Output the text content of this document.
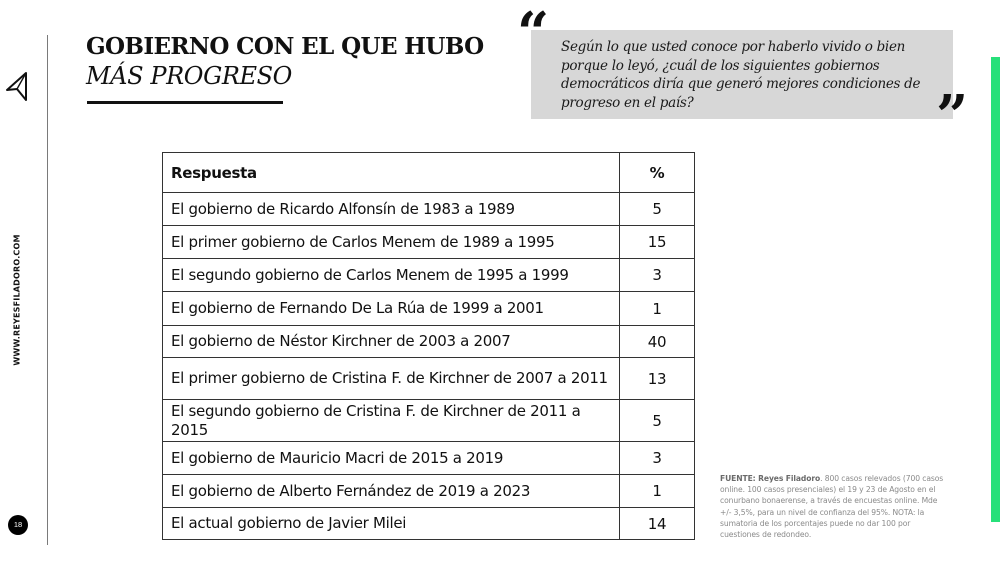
WWW.REYESFILADORO.COM
18
GOBIERNO CON EL QUE HUBO
MÁS PROGRESO
“ Según lo que usted conoce por haberlo vivido o bien porque lo leyó, ¿cuál de los siguientes gobiernos democráticos diría que generó mejores condiciones de progreso en el país?	”
Respuesta	%
El gobierno de Ricardo Alfonsín de 1983 a 1989	5
El primer gobierno de Carlos Menem de 1989 a 1995	15
El segundo gobierno de Carlos Menem de 1995 a 1999	3
El gobierno de Fernando De La Rúa de 1999 a 2001	1
El gobierno de Néstor Kirchner de 2003 a 2007	40
El primer gobierno de Cristina F. de Kirchner de 2007 a 2011	13
El segundo gobierno de Cristina F. de Kirchner de 2011 a 2015	5
El gobierno de Mauricio Macri de 2015 a 2019	3
El gobierno de Alberto Fernández de 2019 a 2023	1
El actual gobierno de Javier Milei	14
FUENTE: Reyes Filadoro. 800 casos relevados (700 casos online. 100 casos presenciales) el 19 y 23 de Agosto en el conurbano bonaerense, a través de encuestas online. Mde +/- 3,5%, para un nivel de confianza del 95%. NOTA: la sumatoria de los porcentajes puede no dar 100 por cuestiones de redondeo.
